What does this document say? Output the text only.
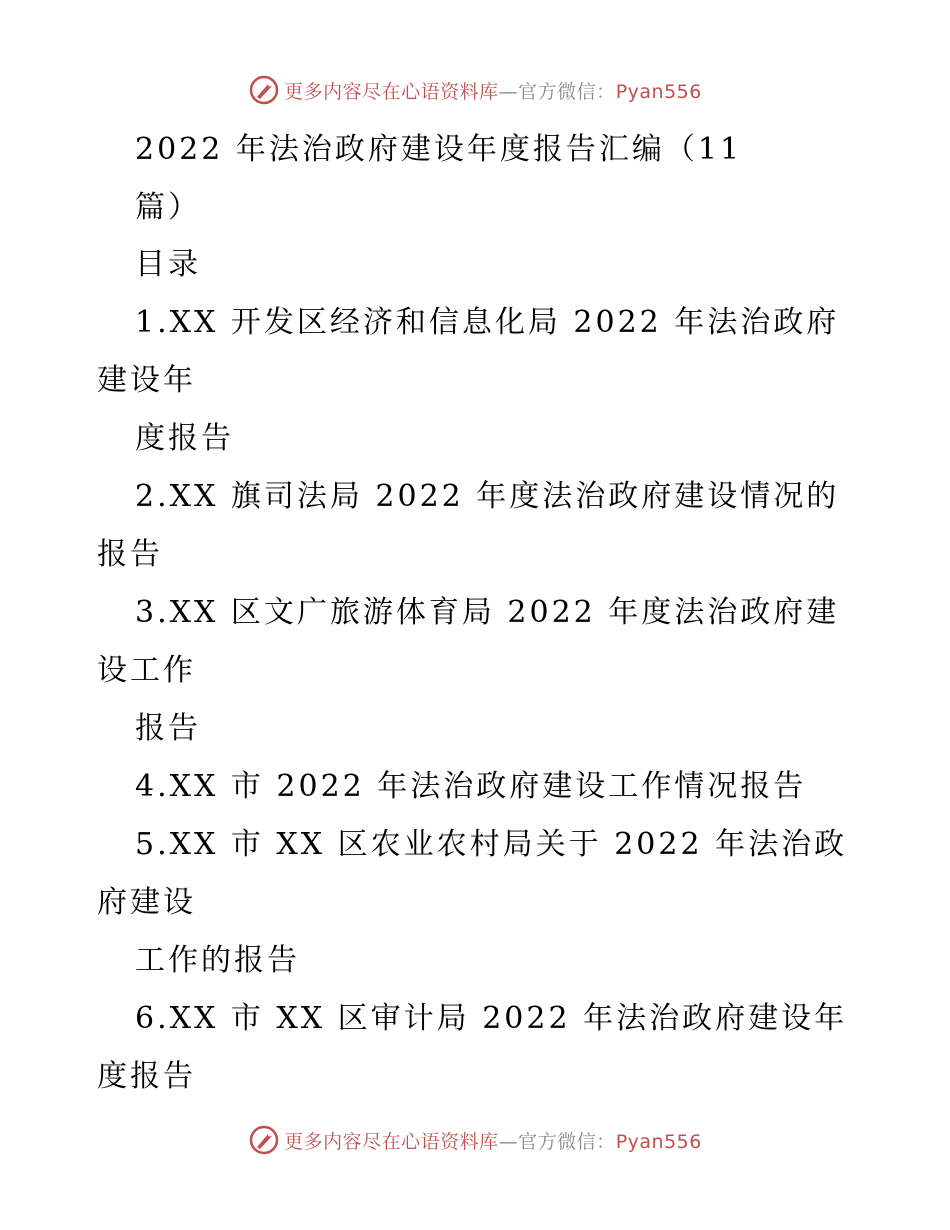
更多内容尽在心语资料库—官方微信：Pyan556
2022 年法治政府建设年度报告汇编（11
篇）
目录
1.XX 开发区经济和信息化局 2022 年法治政府
建设年
度报告
2.XX 旗司法局 2022 年度法治政府建设情况的
报告
3.XX 区文广旅游体育局 2022 年度法治政府建
设工作
报告
4.XX 市 2022 年法治政府建设工作情况报告
5.XX 市 XX 区农业农村局关于 2022 年法治政
府建设
工作的报告
6.XX 市 XX 区审计局 2022 年法治政府建设年
度报告
更多内容尽在心语资料库—官方微信：Pyan556
